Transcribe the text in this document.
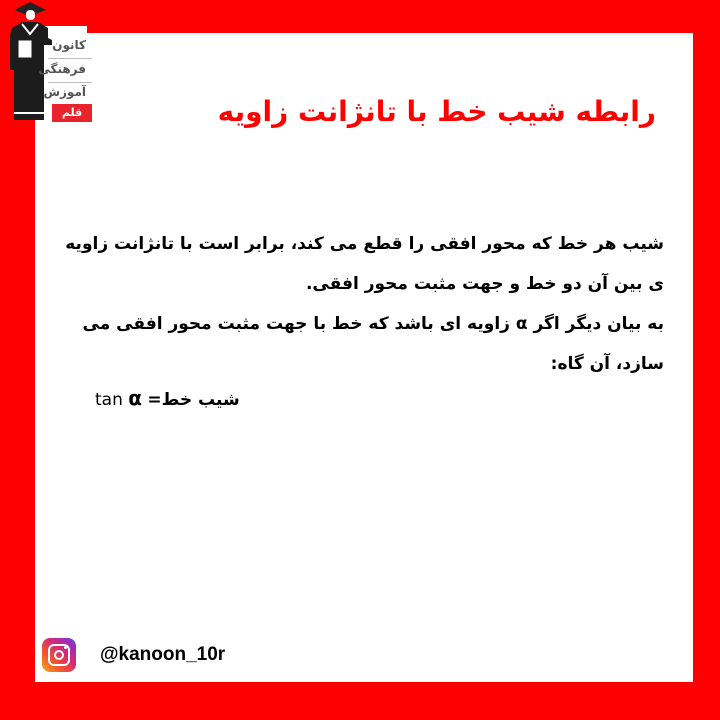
کانون
فرهنگی
آموزش
قلم چی
رابطه شیب خط با تانژانت زاویه

شیب هر خط که محور افقی را قطع می کند، برابر است با تانژانت زاویه ی بین آن دو خط و جهت مثبت محور افقی.

به بیان دیگر اگر α زاویه ای باشد که خط با جهت مثبت محور افقی می سازد، آن گاه:

tan α شیب خط=
@kanoon_10r
